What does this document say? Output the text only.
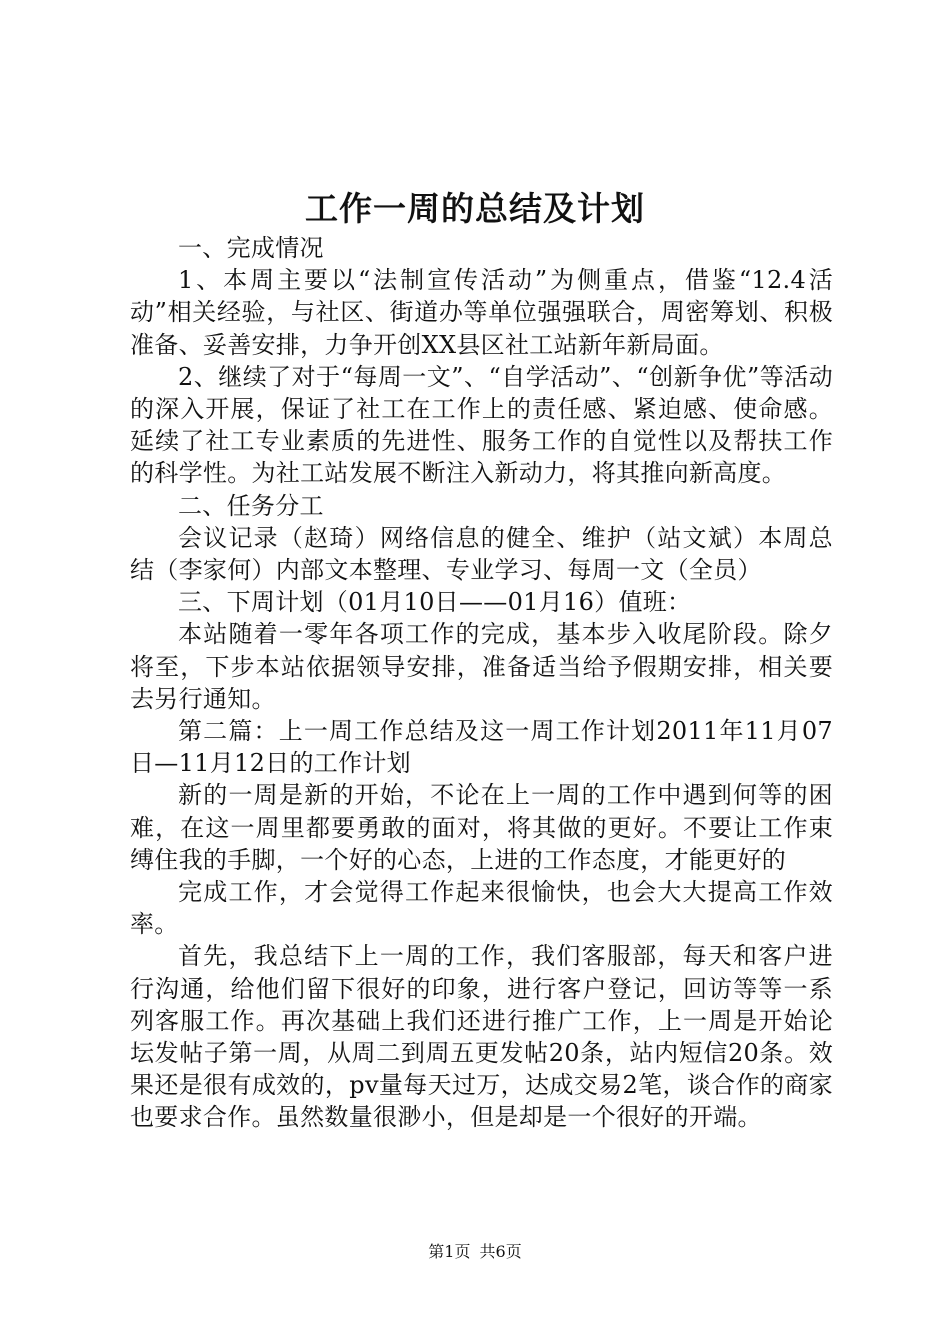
工作一周的总结及计划

一、完成情况

1、本周主要以“法制宣传活动”为侧重点，借鉴“12.4活动”相关经验，与社区、街道办等单位强强联合，周密筹划、积极准备、妥善安排，力争开创XX县区社工站新年新局面。

2、继续了对于“每周一文”、“自学活动”、“创新争优”等活动的深入开展，保证了社工在工作上的责任感、紧迫感、使命感。延续了社工专业素质的先进性、服务工作的自觉性以及帮扶工作的科学性。为社工站发展不断注入新动力，将其推向新高度。

二、任务分工

会议记录（赵琦）网络信息的健全、维护（站文斌）本周总结（李家何）内部文本整理、专业学习、每周一文（全员）

三、下周计划（01月10日——01月16）值班：

本站随着一零年各项工作的完成，基本步入收尾阶段。除夕将至，下步本站依据领导安排，准备适当给予假期安排，相关要去另行通知。

第二篇：上一周工作总结及这一周工作计划2011年11月07日—11月12日的工作计划

新的一周是新的开始，不论在上一周的工作中遇到何等的困难，在这一周里都要勇敢的面对，将其做的更好。不要让工作束缚住我的手脚，一个好的心态，上进的工作态度，才能更好的

完成工作，才会觉得工作起来很愉快，也会大大提高工作效率。

首先，我总结下上一周的工作，我们客服部，每天和客户进行沟通，给他们留下很好的印象，进行客户登记，回访等等一系列客服工作。再次基础上我们还进行推广工作，上一周是开始论坛发帖子第一周，从周二到周五更发帖20条，站内短信20条。效果还是很有成效的，pv量每天过万，达成交易2笔，谈合作的商家也要求合作。虽然数量很渺小，但是却是一个很好的开端。

第1页 共6页
